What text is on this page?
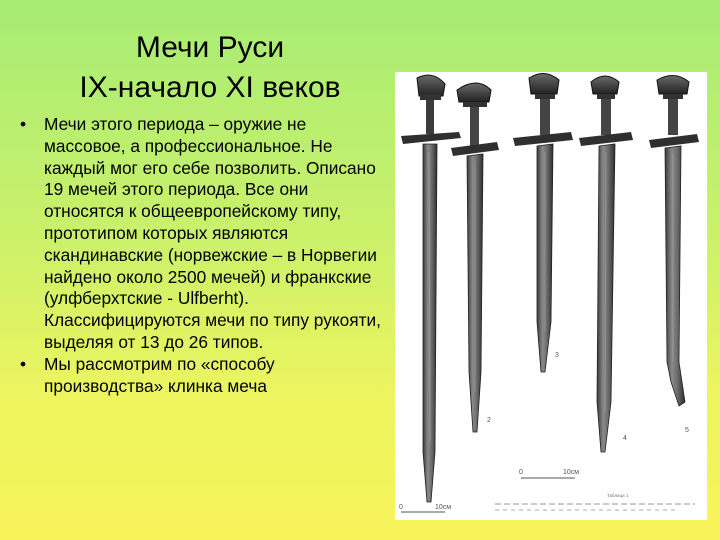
Мечи Руси
IX-начало XI веков
• Мечи этого периода – оружие не массовое, а профессиональное. Не каждый мог его себе позволить. Описано 19 мечей этого периода. Все они относятся к общеевропейскому типу, прототипом которых являются скандинавские (норвежские – в Норвегии найдено около 2500 мечей) и франкские (улфберхтские - Ulfberht). Классифицируются мечи по типу рукояти, выделяя от 13 до 26 типов.
• Мы рассмотрим по «способу производства» клинка меча
2
3
4
5
0	10см
0	10см
Таблица 1
